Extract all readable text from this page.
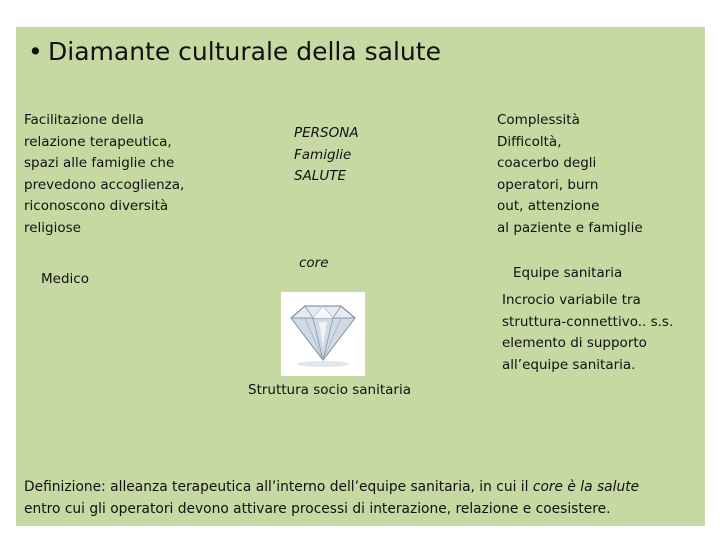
• Diamante culturale della salute
Facilitazione della
relazione terapeutica,
spazi alle famiglie che
prevedono accoglienza,
riconoscono diversità
religiose
Medico
PERSONA
Famiglie
SALUTE
core
Struttura socio sanitaria
Complessità
Difficoltà,
coacerbo degli
operatori, burn
out, attenzione
al paziente e famiglie
Equipe sanitaria
Incrocio variabile tra
struttura-connettivo.. s.s.
elemento di supporto
all’equipe sanitaria.
Definizione: alleanza terapeutica all’interno dell’equipe sanitaria, in cui il core è la salute
entro cui gli operatori devono attivare processi di interazione, relazione e coesistere.
